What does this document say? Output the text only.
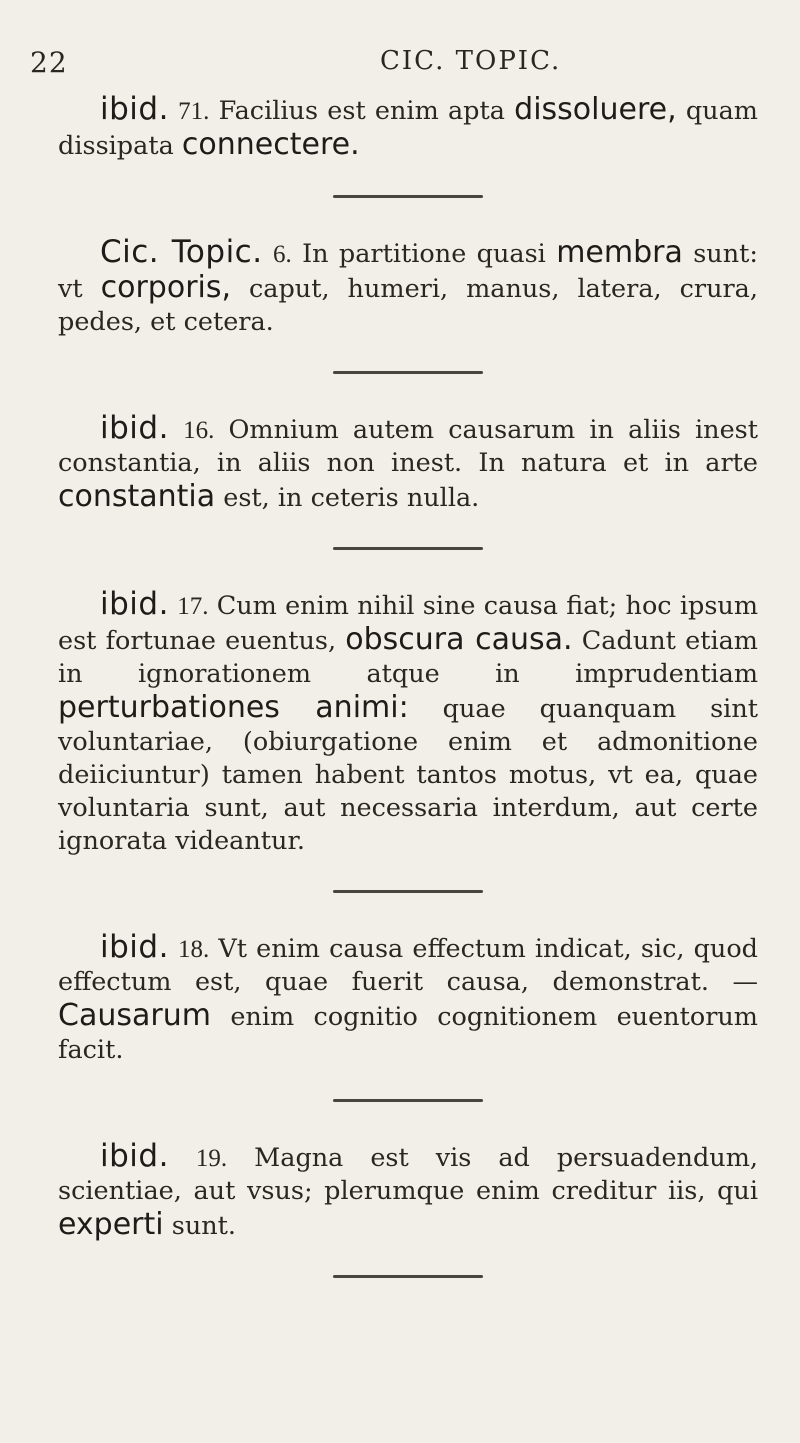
22	CIC. TOPIC.

ibid. 71. Facilius est enim apta dissoluere, quam dissipata connectere.

Cic. Topic. 6. In partitione quasi membra sunt: vt corporis, caput, humeri, manus, latera, crura, pedes, et cetera.

ibid. 16. Omnium autem causarum in aliis inest constantia, in aliis non inest. In natura et in arte constantia est, in ceteris nulla.

ibid. 17. Cum enim nihil sine causa fiat; hoc ipsum est fortunae euentus, obscura causa. Cadunt etiam in ignorationem atque in imprudentiam perturbationes animi: quae quanquam sint voluntariae, (obiurgatione enim et admonitione deiiciuntur) tamen habent tantos motus, vt ea, quae voluntaria sunt, aut necessaria interdum, aut certe ignorata videantur.

ibid. 18. Vt enim causa effectum indicat, sic, quod effectum est, quae fuerit causa, demonstrat. — Causarum enim cognitio cognitionem euentorum facit.

ibid. 19. Magna est vis ad persuadendum, scientiae, aut vsus; plerumque enim creditur iis, qui experti sunt.
